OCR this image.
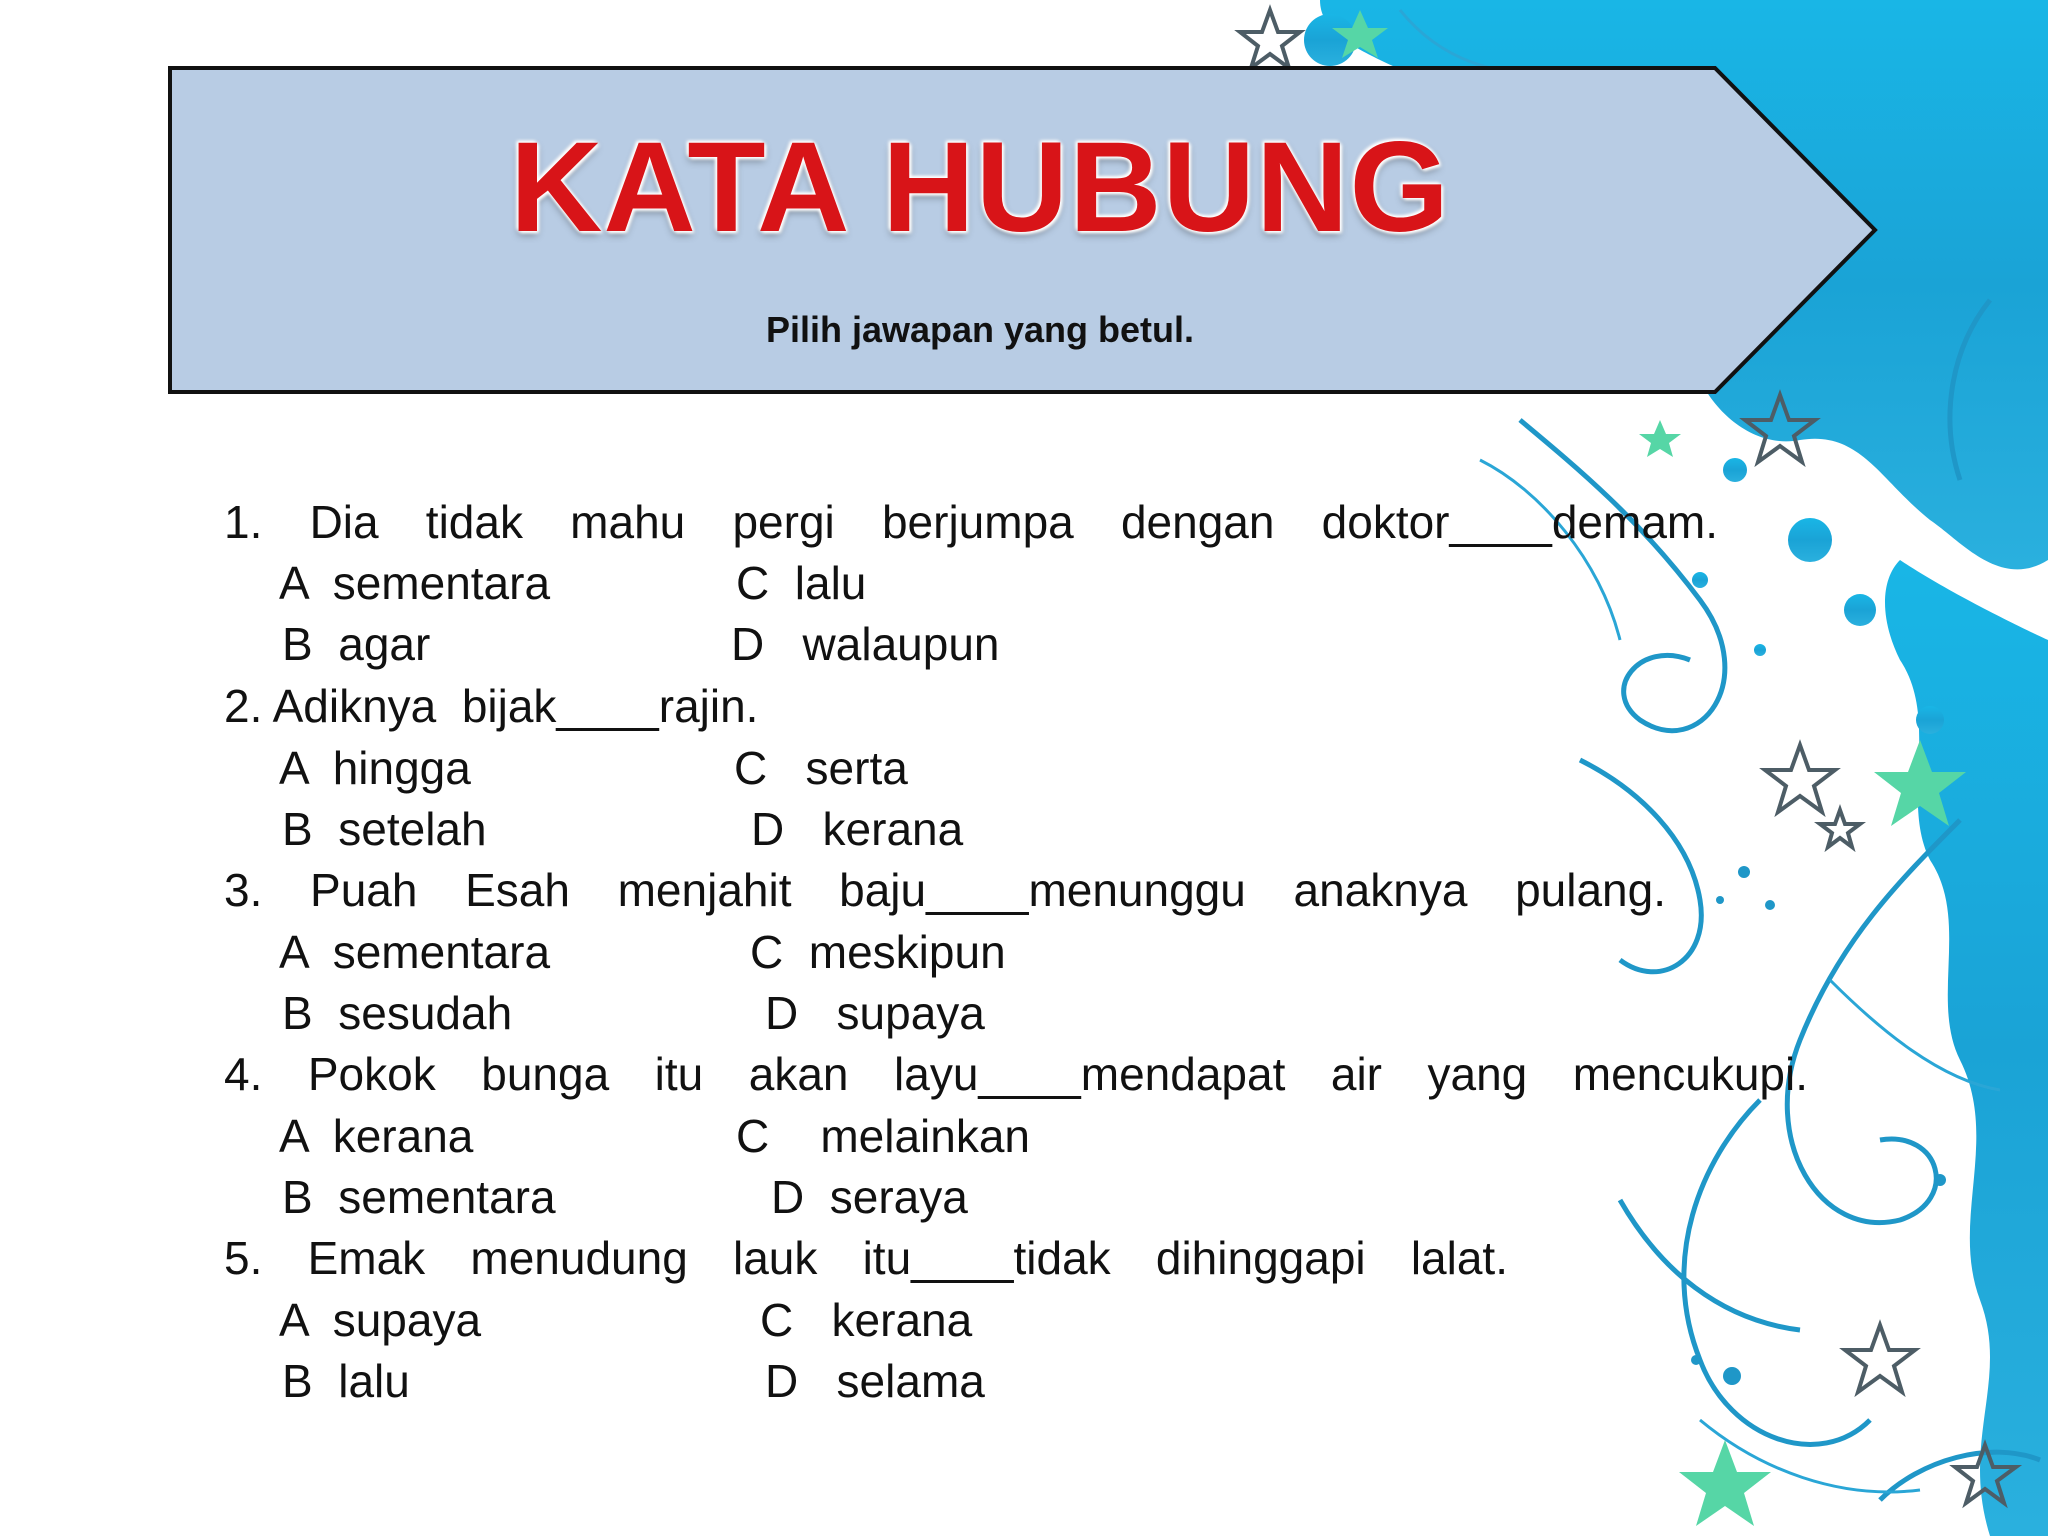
KATA HUBUNG
Pilih jawapan yang betul.
1. Dia tidak mahu pergi berjumpa dengan doktor____demam.
A  sementara	C  lalu
B  agar	D   walaupun
2. Adiknya  bijak____rajin.
A  hingga	C   serta
B  setelah	D   kerana
3. Puah Esah menjahit baju____menunggu anaknya pulang.
A  sementara	C  meskipun
B  sesudah	D   supaya
4. Pokok bunga itu akan layu____mendapat air yang mencukupi.
A  kerana	C    melainkan
B  sementara	D  seraya
5. Emak menudung lauk itu____tidak dihinggapi lalat.
A  supaya	C   kerana
B  lalu	D   selama
